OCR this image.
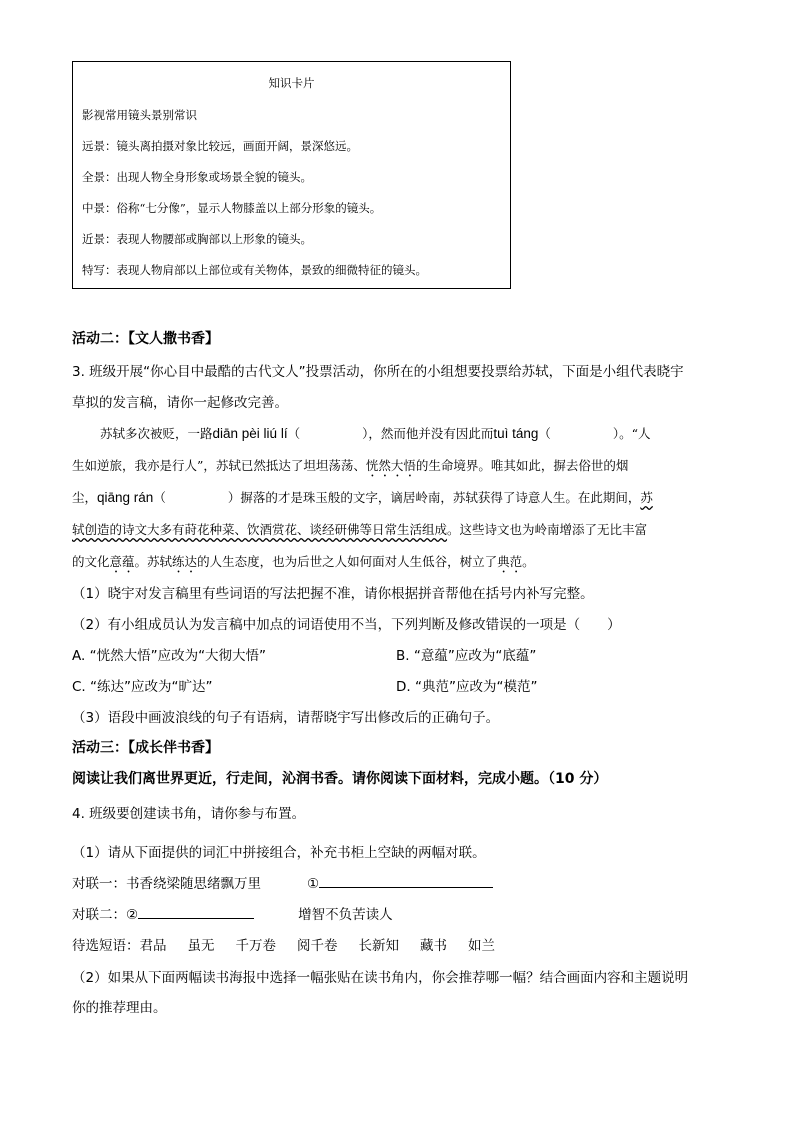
知识卡片
影视常用镜头景别常识
远景：镜头离拍摄对象比较远，画面开阔，景深悠远。
全景：出现人物全身形象或场景全貌的镜头。
中景：俗称“七分像”，显示人物膝盖以上部分形象的镜头。
近景：表现人物腰部或胸部以上形象的镜头。
特写：表现人物肩部以上部位或有关物体，景致的细微特征的镜头。
活动二：【文人撒书香】
3. 班级开展“你心目中最酷的古代文人”投票活动，你所在的小组想要投票给苏轼，下面是小组代表晓宇
草拟的发言稿，请你一起修改完善。
苏轼多次被贬，一路diān pèi liú lí（	），然而他并没有因此而tuì táng（	）。“人
生如逆旅，我亦是行人”，苏轼已然抵达了坦坦荡荡、恍然大悟的生命境界。唯其如此，摒去俗世的烟
尘，qiāng rán（	）摒落的才是珠玉般的文字，谪居岭南，苏轼获得了诗意人生。在此期间，苏
轼创造的诗文大多有莳花种菜、饮酒赏花、谈经研佛等日常生活组成。这些诗文也为岭南增添了无比丰富
的文化意蕴。苏轼练达的人生态度，也为后世之人如何面对人生低谷，树立了典范。
（1）晓宇对发言稿里有些词语的写法把握不准，请你根据拼音帮他在括号内补写完整。
（2）有小组成员认为发言稿中加点的词语使用不当，下列判断及修改错误的一项是（　　）
A. “恍然大悟”应改为“大彻大悟”	B. “意蕴”应改为“底蕴”
C. “练达”应改为“旷达”	D. “典范”应改为“模范”
（3）语段中画波浪线的句子有语病，请帮晓宇写出修改后的正确句子。
活动三：【成长伴书香】
阅读让我们离世界更近，行走间，沁润书香。请你阅读下面材料，完成小题。（10 分）
4. 班级要创建读书角，请你参与布置。
（1）请从下面提供的词汇中拼接组合，补充书柜上空缺的两幅对联。
对联一：书香绕梁随思绪飘万里	①
对联二：②	增智不负苦读人
待选短语：君品 虽无 千万卷 阅千卷 长新知 藏书 如兰
（2）如果从下面两幅读书海报中选择一幅张贴在读书角内，你会推荐哪一幅？结合画面内容和主题说明
你的推荐理由。
